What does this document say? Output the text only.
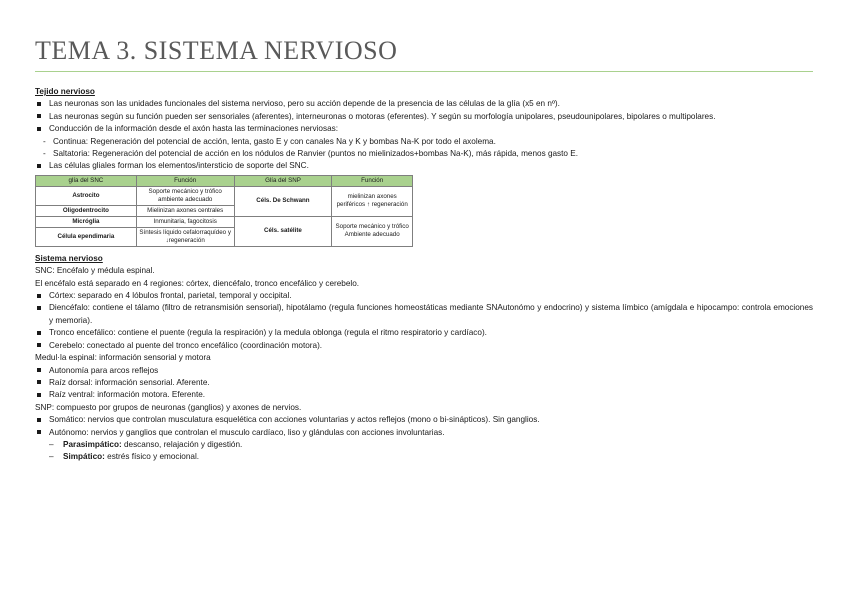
TEMA 3. SISTEMA NERVIOSO
Tejido nervioso
Las neuronas son las unidades funcionales del sistema nervioso, pero su acción depende de la presencia de las células de la glía (x5 en nº).
Las neuronas según su función pueden ser sensoriales (aferentes), interneuronas o motoras (eferentes). Y según su morfología unipolares, pseudounipolares, bipolares o multipolares.
Conducción de la información desde el axón hasta las terminaciones nerviosas:
- Continua: Regeneración del potencial de acción, lenta, gasto E y con canales Na y K y bombas Na-K por todo el axolema.
- Saltatoria: Regeneración del potencial de acción en los nódulos de Ranvier (puntos no mielinizados+bombas Na-K), más rápida, menos gasto E.
Las células gliales forman los elementos/intersticio de soporte del SNC.
glía del SNC	Función	Glía del SNP	Función
Astrocito	Soporte mecánico y trófico ambiente adecuado	Céls. De Schwann	mielinizan axones periféricos ↑ regeneración
Oligodentrocito	Mielinizan axones centrales		
Micróglia	Inmunitaria, fagocitosis	Céls. satélite	Soporte mecánico y trófico Ambiente adecuado
Célula ependimaria	Síntesis líquido cefalorraquídeo y ↓regeneración		
Sistema nervioso
SNC: Encéfalo y médula espinal.
El encéfalo está separado en 4 regiones: córtex, diencéfalo, tronco encefálico y cerebelo.
Córtex: separado en 4 lóbulos frontal, parietal, temporal y occipital.
Diencéfalo: contiene el tálamo (filtro de retransmisión sensorial), hipotálamo (regula funciones homeostáticas mediante SNAutonómo y endocrino) y sistema límbico (amígdala e hipocampo: controla emociones y memoria).
Tronco encefálico: contiene el puente (regula la respiración) y la medula oblonga (regula el ritmo respiratorio y cardíaco).
Cerebelo: conectado al puente del tronco encefálico (coordinación motora).
Medul·la espinal: información sensorial y motora
Autonomía para arcos reflejos
Raíz dorsal: información sensorial. Aferente.
Raíz ventral: información motora. Eferente.
SNP: compuesto por grupos de neuronas (ganglios) y axones de nervios.
Somático: nervios que controlan musculatura esquelética con acciones voluntarias y actos reflejos (mono o bi-sinápticos). Sin ganglios.
Autónomo: nervios y ganglios que controlan el musculo cardíaco, liso y glándulas con acciones involuntarias.
– Parasimpático: descanso, relajación y digestión.
– Simpático: estrés físico y emocional.
